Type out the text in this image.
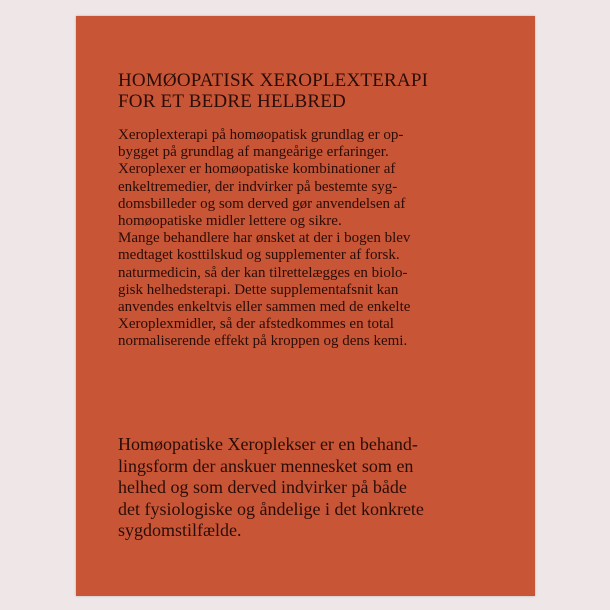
HOMØOPATISK XEROPLEXTERAPI
FOR ET BEDRE HELBRED

Xeroplexterapi på homøopatisk grundlag er op-
bygget på grundlag af mangeårige erfaringer.
Xeroplexer er homøopatiske kombinationer af
enkeltremedier, der indvirker på bestemte syg-
domsbilleder og som derved gør anvendelsen af
homøopatiske midler lettere og sikre.
Mange behandlere har ønsket at der i bogen blev
medtaget kosttilskud og supplementer af forsk.
naturmedicin, så der kan tilrettelægges en biolo-
gisk helhedsterapi. Dette supplementafsnit kan
anvendes enkeltvis eller sammen med de enkelte
Xeroplexmidler, så der afstedkommes en total
normaliserende effekt på kroppen og dens kemi.

Homøopatiske Xeroplekser er en behand-
lingsform der anskuer mennesket som en
helhed og som derved indvirker på både
det fysiologiske og åndelige i det konkrete
sygdomstilfælde.
